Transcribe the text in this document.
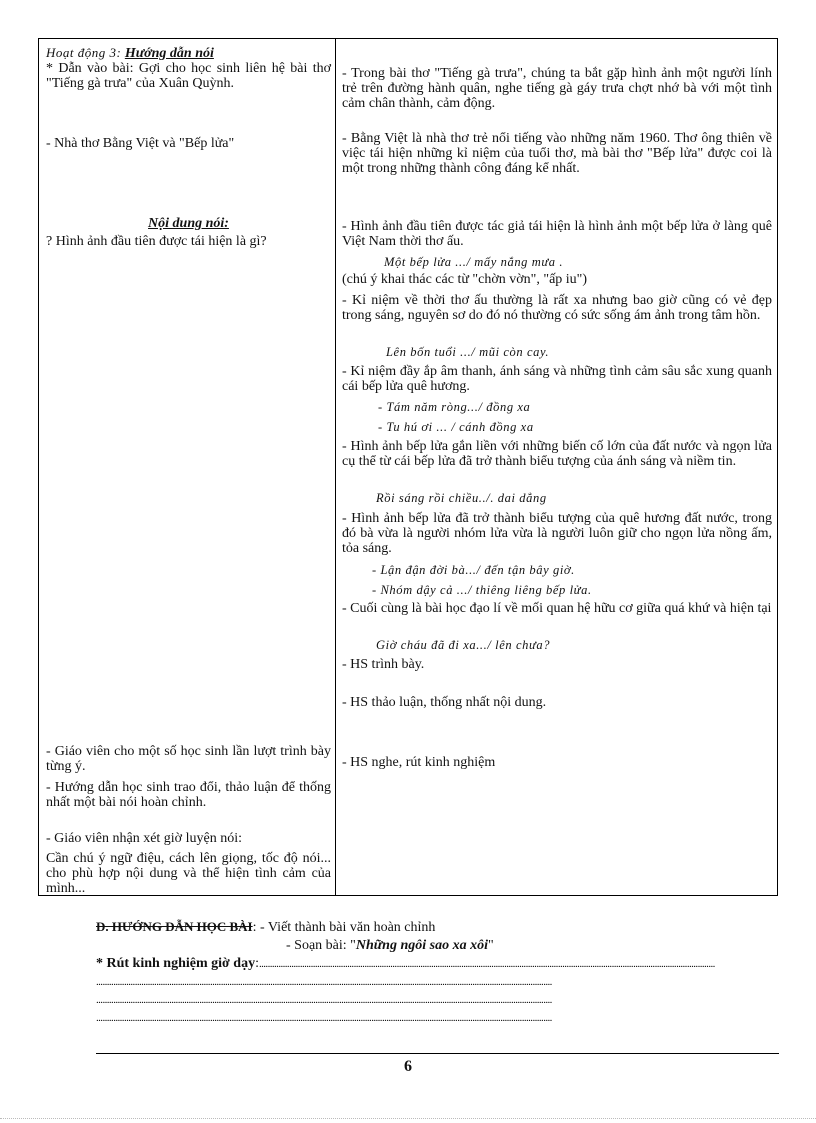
Hoạt động 3: Hướng dẫn nói

* Dẫn vào bài: Gợi cho học sinh liên hệ bài thơ "Tiếng gà trưa" của Xuân Quỳnh.

- Nhà thơ Bằng Việt và "Bếp lửa"

Nội dung nói:

? Hình ảnh đầu tiên được tái hiện là gì?

- Giáo viên cho một số học sinh lần lượt trình bày từng ý.

- Hướng dẫn học sinh trao đổi, thảo luận để thống nhất một bài nói hoàn chỉnh.

- Giáo viên nhận xét giờ luyện nói:

Cần chú ý ngữ điệu, cách lên giọng, tốc độ nói... cho phù hợp nội dung và thể hiện tình cảm của mình...

- Trong bài thơ "Tiếng gà trưa", chúng ta bắt gặp hình ảnh một người lính trẻ trên đường hành quân, nghe tiếng gà gáy trưa chợt nhớ bà với một tình cảm chân thành, cảm động.

- Bằng Việt là nhà thơ trẻ nổi tiếng vào những năm 1960. Thơ ông thiên về việc tái hiện những kỉ niệm của tuổi thơ, mà bài thơ "Bếp lửa" được coi là một trong những thành công đáng kể nhất.

- Hình ảnh đầu tiên được tác giả tái hiện là hình ảnh một bếp lửa ở làng quê Việt Nam thời thơ ấu.

Một bếp lửa .../ mấy nắng mưa .

(chú ý khai thác các từ "chờn vờn", "ấp iu")

- Kỉ niệm về thời thơ ấu thường là rất xa nhưng bao giờ cũng có vẻ đẹp trong sáng, nguyên sơ do đó nó thường có sức sống ám ảnh trong tâm hồn.

Lên bốn tuổi .../ mũi còn cay.

- Kỉ niệm đầy ắp âm thanh, ánh sáng và những tình cảm sâu sắc xung quanh cái bếp lửa quê hương.

- Tám năm ròng.../ đồng xa

- Tu hú ơi ... / cánh đồng xa

- Hình ảnh bếp lửa gắn liền với những biến cố lớn của đất nước và ngọn lửa cụ thể từ cái bếp lửa đã trở thành biểu tượng của ánh sáng và niềm tin.

Rồi sáng rồi chiều../. dai dẳng

- Hình ảnh bếp lửa đã trở thành biểu tượng của quê hương đất nước, trong đó bà vừa là người nhóm lửa vừa là người luôn giữ cho ngọn lửa nồng ấm, tỏa sáng.

- Lận đận đời bà.../ đến tận bây giờ.

- Nhóm dậy cả .../ thiêng liêng bếp lửa.

- Cuối cùng là bài học đạo lí về mối quan hệ hữu cơ giữa quá khứ và hiện tại

Giờ cháu đã đi xa.../ lên chưa?

- HS trình bày.

- HS thảo luận, thống nhất nội dung.

- HS nghe, rút kinh nghiệm

D. HƯỚNG DẪN HỌC BÀI: - Viết thành bài văn hoàn chỉnh
- Soạn bài: "Những ngôi sao xa xôi"
* Rút kinh nghiệm giờ dạy : ....................................................................................................................................................................................................................
....................................................................................................................................................................................................................
....................................................................................................................................................................................................................
....................................................................................................................................................................................................................
6
